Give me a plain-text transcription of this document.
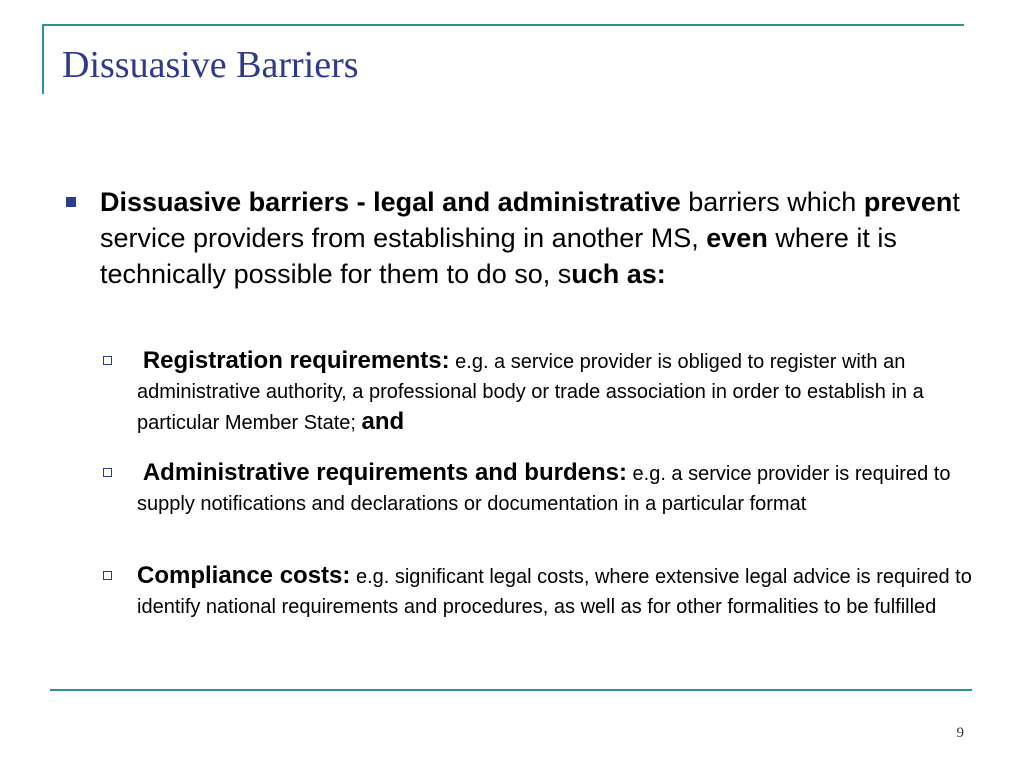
Dissuasive Barriers

Dissuasive barriers - legal and administrative barriers which prevent service providers from establishing in another MS, even where it is technically possible for them to do so, such as:

Registration requirements: e.g. a service provider is obliged to register with an administrative authority, a professional body or trade association in order to establish in a particular Member State; and

Administrative requirements and burdens: e.g. a service provider is required to supply notifications and declarations or documentation in a particular format

Compliance costs: e.g. significant legal costs, where extensive legal advice is required to identify national requirements and procedures, as well as for other formalities to be fulfilled

9
